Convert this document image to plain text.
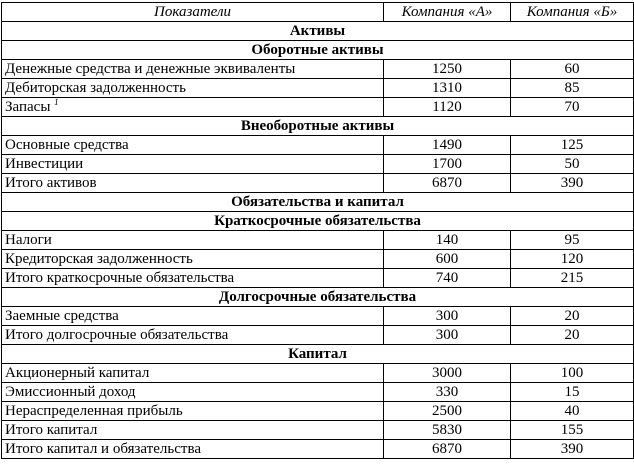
Показатели	Компания «А»	Компания «Б»
Активы		
Оборотные активы		
Денежные средства и денежные эквиваленты	1250	60
Дебиторская задолженность	1310	85
Запасы $^1$	1120	70
Внеоборотные активы		
Основные средства	1490	125
Инвестиции	1700	50
Итого активов	6870	390
Обязательства и капитал		
Краткосрочные обязательства		
Налоги	140	95
Кредиторская задолженность	600	120
Итого краткосрочные обязательства	740	215
Долгосрочные обязательства		
Заемные средства	300	20
Итого долгосрочные обязательства	300	20
Капитал		
Акционерный капитал	3000	100
Эмиссионный доход	330	15
Нераспределенная прибыль	2500	40
Итого капитал	5830	155
Итого капитал и обязательства	6870	390
